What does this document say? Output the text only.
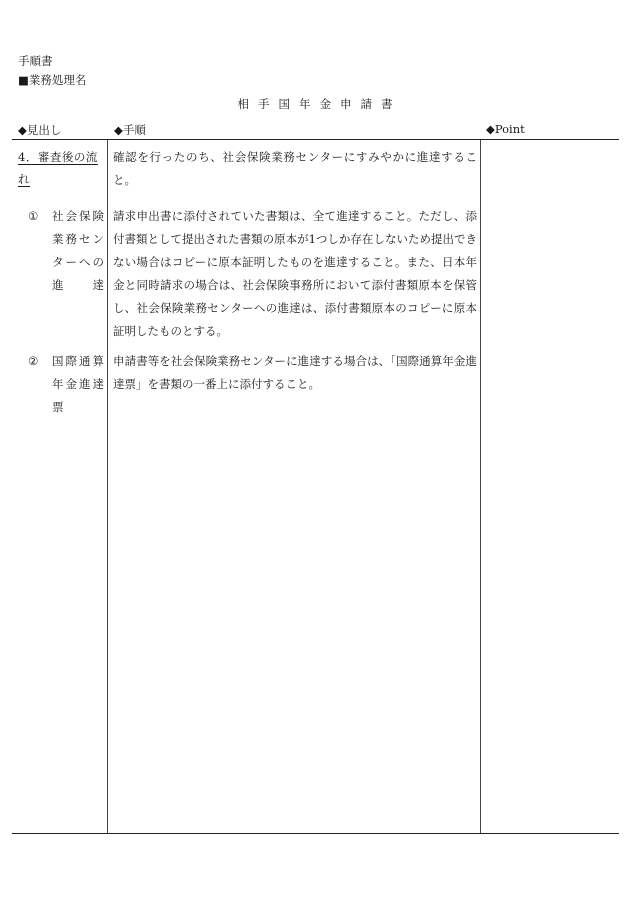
手順書

■業務処理名

相手国年金申請書

◆見出し	◆手順	◆Point
4．審査後の流れ
確認を行ったのち、社会保険業務センターにすみやかに進達すること。
① 社会保険業務センターへの進達
請求申出書に添付されていた書類は、全て進達すること。ただし、添付書類として提出された書類の原本が1つしか存在しないため提出できない場合はコピーに原本証明したものを進達すること。また、日本年金と同時請求の場合は、社会保険事務所において添付書類原本を保管し、社会保険業務センターへの進達は、添付書類原本のコピーに原本証明したものとする。
② 国際通算年金進達票
申請書等を社会保険業務センターに進達する場合は、「国際通算年金進達票」を書類の一番上に添付すること。
